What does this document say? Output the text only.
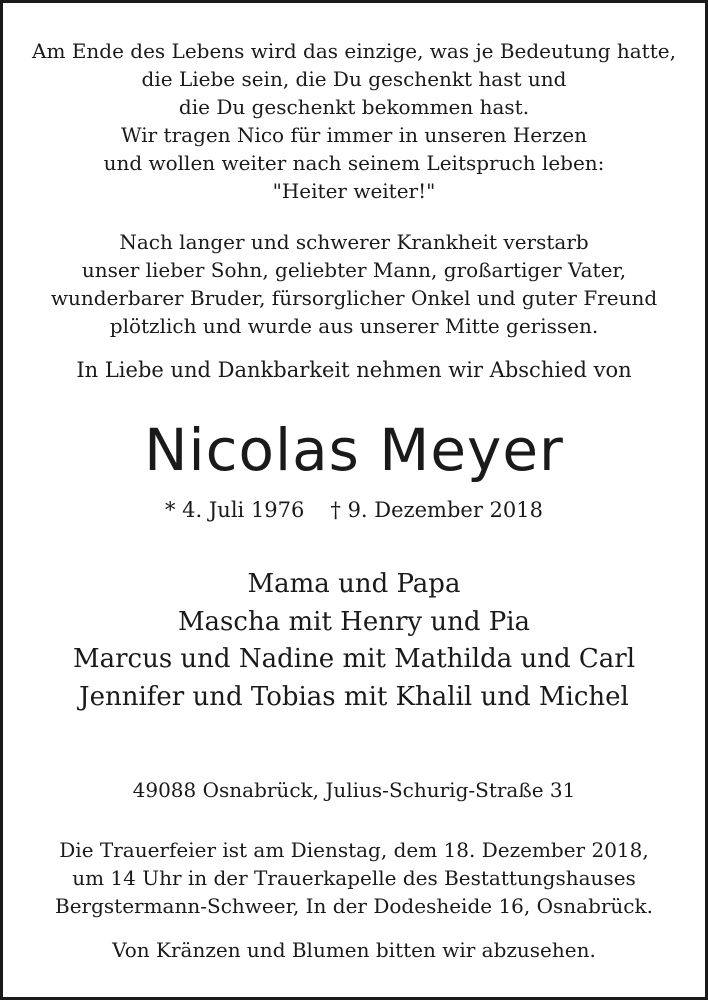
Am Ende des Lebens wird das einzige, was je Bedeutung hatte,
die Liebe sein, die Du geschenkt hast und
die Du geschenkt bekommen hast.
Wir tragen Nico für immer in unseren Herzen
und wollen weiter nach seinem Leitspruch leben:
"Heiter weiter!"
Nach langer und schwerer Krankheit verstarb
unser lieber Sohn, geliebter Mann, großartiger Vater,
wunderbarer Bruder, fürsorglicher Onkel und guter Freund
plötzlich und wurde aus unserer Mitte gerissen.
In Liebe und Dankbarkeit nehmen wir Abschied von
Nicolas Meyer
* 4. Juli 1976 † 9. Dezember 2018
Mama und Papa
Mascha mit Henry und Pia
Marcus und Nadine mit Mathilda und Carl
Jennifer und Tobias mit Khalil und Michel
49088 Osnabrück, Julius-Schurig-Straße 31
Die Trauerfeier ist am Dienstag, dem 18. Dezember 2018,
um 14 Uhr in der Trauerkapelle des Bestattungshauses
Bergstermann-Schweer, In der Dodesheide 16, Osnabrück.
Von Kränzen und Blumen bitten wir abzusehen.
